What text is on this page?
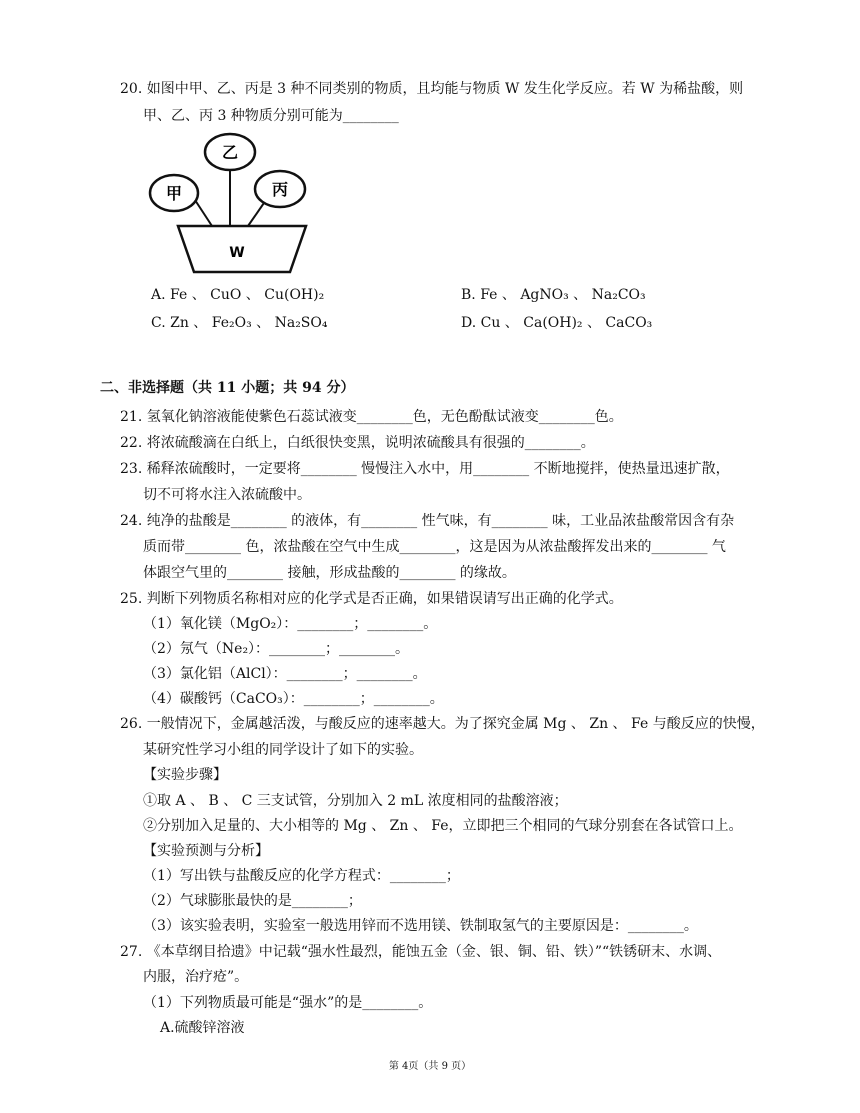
20. 如图中甲、乙、丙是 3 种不同类别的物质，且均能与物质 W 发生化学反应。若 W 为稀盐酸，则
甲、乙、丙 3 种物质分别可能为________
甲
乙
丙
W
A. Fe 、 CuO 、 Cu(OH)₂	B. Fe 、 AgNO₃ 、 Na₂CO₃
C. Zn 、 Fe₂O₃ 、 Na₂SO₄	D. Cu 、 Ca(OH)₂ 、 CaCO₃
二、非选择题（共 11 小题；共 94 分）
21. 氢氧化钠溶液能使紫色石蕊试液变________色，无色酚酞试液变________色。
22. 将浓硫酸滴在白纸上，白纸很快变黑，说明浓硫酸具有很强的________。
23. 稀释浓硫酸时，一定要将________ 慢慢注入水中，用________ 不断地搅拌，使热量迅速扩散，
切不可将水注入浓硫酸中。
24. 纯净的盐酸是________ 的液体，有________ 性气味，有________ 味，工业品浓盐酸常因含有杂
质而带________ 色，浓盐酸在空气中生成________，这是因为从浓盐酸挥发出来的________ 气
体跟空气里的________ 接触，形成盐酸的________ 的缘故。
25. 判断下列物质名称相对应的化学式是否正确，如果错误请写出正确的化学式。
（1）氧化镁（MgO₂）：________；________。
（2）氖气（Ne₂）：________；________。
（3）氯化铝（AlCl）：________；________。
（4）碳酸钙（CaCO₃）：________；________。
26. 一般情况下，金属越活泼，与酸反应的速率越大。为了探究金属 Mg 、 Zn 、 Fe 与酸反应的快慢，
某研究性学习小组的同学设计了如下的实验。
【实验步骤】
①取 A 、 B 、 C 三支试管，分别加入 2 mL 浓度相同的盐酸溶液；
②分别加入足量的、大小相等的 Mg 、 Zn 、 Fe，立即把三个相同的气球分别套在各试管口上。
【实验预测与分析】
（1）写出铁与盐酸反应的化学方程式：________；
（2）气球膨胀最快的是________；
（3）该实验表明，实验室一般选用锌而不选用镁、铁制取氢气的主要原因是：________。
27. 《本草纲目拾遗》中记载“强水性最烈，能蚀五金（金、银、铜、铅、铁）”“铁锈研末、水调、
内服，治疗疮”。
（1）下列物质最可能是“强水”的是________。
A.硫酸锌溶液
第 4页（共 9 页）
